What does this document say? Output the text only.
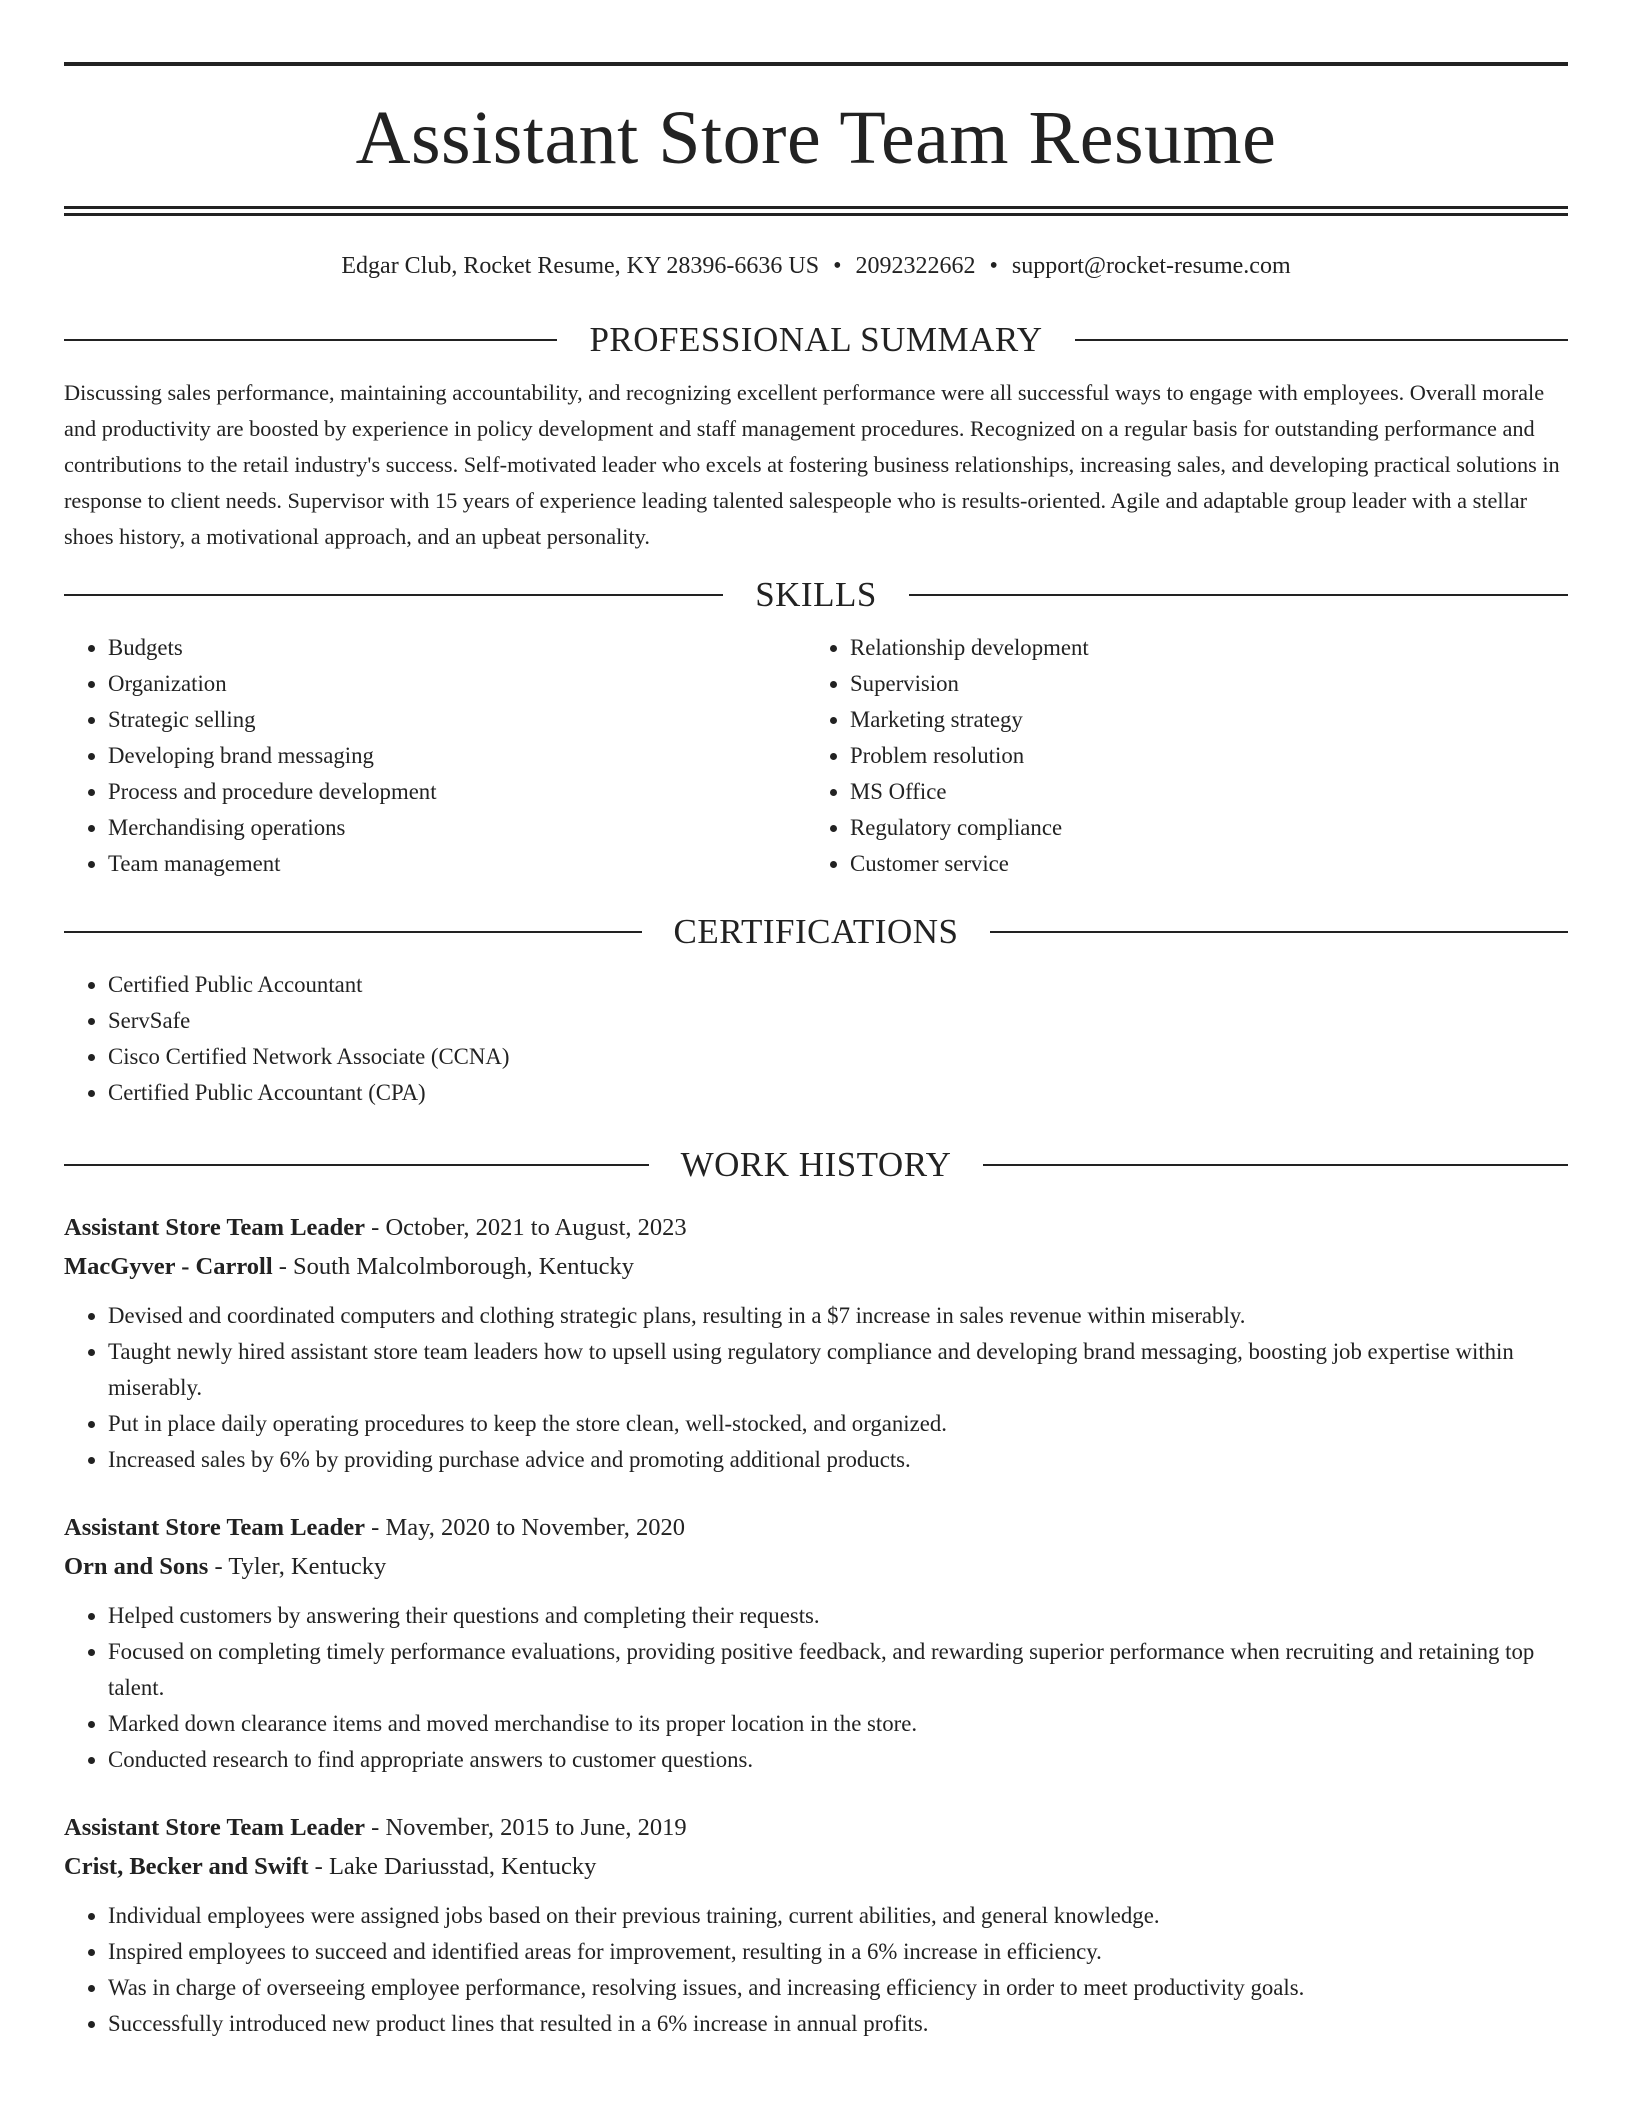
Assistant Store Team Resume
Edgar Club, Rocket Resume, KY 28396-6636 US • 2092322662 • support@rocket-resume.com
PROFESSIONAL SUMMARY
Discussing sales performance, maintaining accountability, and recognizing excellent performance were all successful ways to engage with employees. Overall morale and productivity are boosted by experience in policy development and staff management procedures. Recognized on a regular basis for outstanding performance and contributions to the retail industry's success. Self-motivated leader who excels at fostering business relationships, increasing sales, and developing practical solutions in response to client needs. Supervisor with 15 years of experience leading talented salespeople who is results-oriented. Agile and adaptable group leader with a stellar shoes history, a motivational approach, and an upbeat personality.
SKILLS
• Budgets
• Organization
• Strategic selling
• Developing brand messaging
• Process and procedure development
• Merchandising operations
• Team management
• Relationship development
• Supervision
• Marketing strategy
• Problem resolution
• MS Office
• Regulatory compliance
• Customer service
CERTIFICATIONS
• Certified Public Accountant
• ServSafe
• Cisco Certified Network Associate (CCNA)
• Certified Public Accountant (CPA)
WORK HISTORY
Assistant Store Team Leader - October, 2021 to August, 2023
MacGyver - Carroll - South Malcolmborough, Kentucky
• Devised and coordinated computers and clothing strategic plans, resulting in a $7 increase in sales revenue within miserably.
• Taught newly hired assistant store team leaders how to upsell using regulatory compliance and developing brand messaging, boosting job expertise within miserably.
• Put in place daily operating procedures to keep the store clean, well-stocked, and organized.
• Increased sales by 6% by providing purchase advice and promoting additional products.
Assistant Store Team Leader - May, 2020 to November, 2020
Orn and Sons - Tyler, Kentucky
• Helped customers by answering their questions and completing their requests.
• Focused on completing timely performance evaluations, providing positive feedback, and rewarding superior performance when recruiting and retaining top talent.
• Marked down clearance items and moved merchandise to its proper location in the store.
• Conducted research to find appropriate answers to customer questions.
Assistant Store Team Leader - November, 2015 to June, 2019
Crist, Becker and Swift - Lake Dariusstad, Kentucky
• Individual employees were assigned jobs based on their previous training, current abilities, and general knowledge.
• Inspired employees to succeed and identified areas for improvement, resulting in a 6% increase in efficiency.
• Was in charge of overseeing employee performance, resolving issues, and increasing efficiency in order to meet productivity goals.
• Successfully introduced new product lines that resulted in a 6% increase in annual profits.
